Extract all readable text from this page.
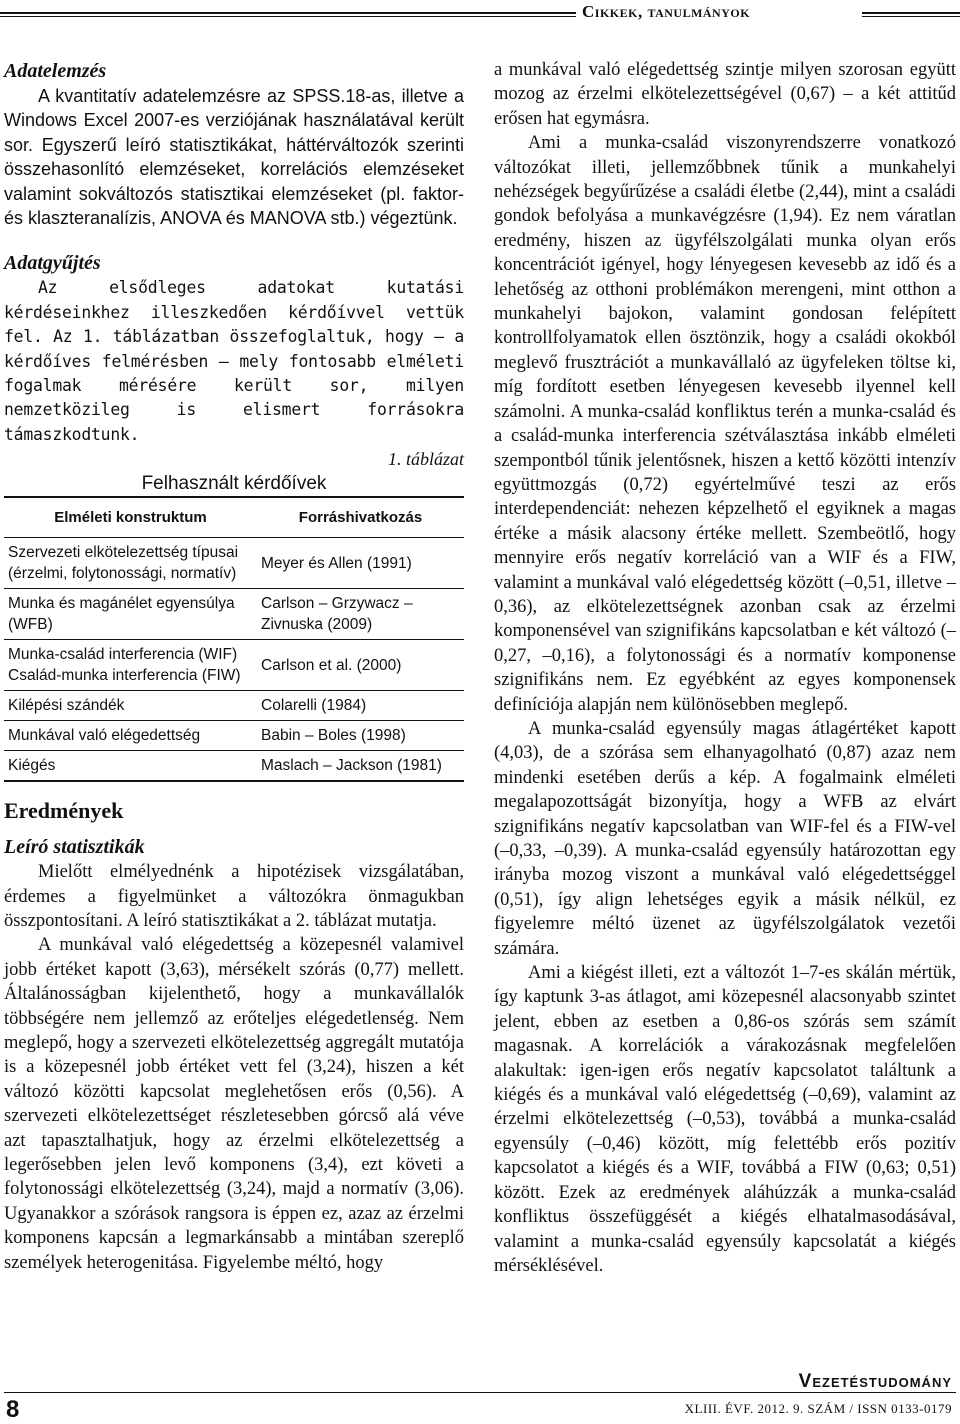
Cikkek, tanulmányok

Adatelemzés

A kvantitatív adatelemzésre az SPSS.18-as, illetve a Windows Excel 2007-es verziójának használatával került sor. Egyszerű leíró statisztikákat, háttérváltozók szerinti összehasonlító elemzéseket, korrelációs elemzéseket valamint sokváltozós statisztikai elemzéseket (pl. faktor- és klaszteranalízis, ANOVA és MANOVA stb.) végeztünk.

Adatgyűjtés

Az elsődleges adatokat kutatási kérdéseinkhez illeszkedően kérdőívvel vettük fel. Az 1. táblázatban összefoglaltuk, hogy – a kérdőíves felmérésben – mely fontosabb elméleti fogalmak mérésére került sor, milyen nemzetközileg is elismert forrásokra támaszkodtunk.

1. táblázat

Felhasznált kérdőívek

Elméleti konstruktum	Forráshivatkozás
Szervezeti elkötelezettség típusai (érzelmi, folytonossági, normatív)	Meyer és Allen (1991)
Munka és magánélet egyensúlya (WFB)	Carlson – Grzywacz – Zivnuska (2009)
Munka-család interferencia (WIF) Család-munka interferencia (FIW)	Carlson et al. (2000)
Kilépési szándék	Colarelli (1984)
Munkával való elégedettség	Babin – Boles (1998)
Kiégés	Maslach – Jackson (1981)

Eredmények

Leíró statisztikák

Mielőtt elmélyednénk a hipotézisek vizsgálatában, érdemes a figyelmünket a változókra önmagukban összpontosítani. A leíró statisztikákat a 2. táblázat mutatja.

A munkával való elégedettség a közepesnél valamivel jobb értéket kapott (3,63), mérsékelt szórás (0,77) mellett. Általánosságban kijelenthető, hogy a munkavállalók többségére nem jellemző az erőteljes elégedetlenség. Nem meglepő, hogy a szervezeti elkötelezettség aggregált mutatója is a közepesnél jobb értéket vett fel (3,24), hiszen a két változó közötti kapcsolat meglehetősen erős (0,56). A szervezeti elkötelezettséget részletesebben górcső alá véve azt tapasztalhatjuk, hogy az érzelmi elkötelezettség a legerősebben jelen levő komponens (3,4), ezt követi a folytonossági elkötelezettség (3,24), majd a normatív (3,06). Ugyanakkor a szórások rangsora is éppen ez, azaz az érzelmi komponens kapcsán a legmarkánsabb a mintában szereplő személyek heterogenitása. Figyelembe méltó, hogy

a munkával való elégedettség szintje milyen szorosan együtt mozog az érzelmi elkötelezettségével (0,67) – a két attitűd erősen hat egymásra.

Ami a munka-család viszonyrendszerre vonatkozó változókat illeti, jellemzőbbnek tűnik a munkahelyi nehézségek begyűrűzése a családi életbe (2,44), mint a családi gondok befolyása a munkavégzésre (1,94). Ez nem váratlan eredmény, hiszen az ügyfélszolgálati munka olyan erős koncentrációt igényel, hogy lényegesen kevesebb az idő és a lehetőség az otthoni problémákon merengeni, mint otthon a munkahelyi bajokon, valamint gondosan felépített kontrollfolyamatok ellen ösztönzik, hogy a családi okokból meglevő frusztrációt a munkavállaló az ügyfeleken töltse ki, míg fordított esetben lényegesen kevesebb ilyennel kell számolni. A munka-család konfliktus terén a munka-család és a család-munka interferencia szétválasztása inkább elméleti szempontból tűnik jelentősnek, hiszen a kettő közötti intenzív együttmozgás (0,72) egyértelművé teszi az erős interdependenciát: nehezen képzelhető el egyiknek a magas értéke a másik alacsony értéke mellett. Szembeötlő, hogy mennyire erős negatív korreláció van a WIF és a FIW, valamint a munkával való elégedettség között (–0,51, illetve –0,36), az elkötelezettségnek azonban csak az érzelmi komponensével van szignifikáns kapcsolatban e két változó (–0,27, –0,16), a folytonossági és a normatív komponense szignifikáns nem. Ez egyébként az egyes komponensek definíciója alapján nem különösebben meglepő.

A munka-család egyensúly magas átlagértéket kapott (4,03), de a szórása sem elhanyagolható (0,87) azaz nem mindenki esetében derűs a kép. A fogalmaink elméleti megalapozottságát bizonyítja, hogy a WFB az elvárt szignifikáns negatív kapcsolatban van WIF-fel és a FIW-vel (–0,33, –0,39). A munka-család egyensúly határozottan egy irányba mozog viszont a munkával való elégedettséggel (0,51), így align lehetséges egyik a másik nélkül, ez figyelemre méltó üzenet az ügyfélszolgálatok vezetői számára.

Ami a kiégést illeti, ezt a változót 1–7-es skálán mértük, így kaptunk 3-as átlagot, ami közepesnél alacsonyabb szintet jelent, ebben az esetben a 0,86-os szórás sem számít magasnak. A korrelációk a várakozásnak megfelelően alakultak: igen-igen erős negatív kapcsolatot találtunk a kiégés és a munkával való elégedettség (–0,69), valamint az érzelmi elkötelezettség (–0,53), továbbá a munka-család egyensúly (–0,46) között, míg felettébb erős pozitív kapcsolatot a kiégés és a WIF, továbbá a FIW (0,63; 0,51) között. Ezek az eredmények aláhúzzák a munka-család konfliktus összefüggését a kiégés elhatalmasodásával, valamint a munka-család egyensúly kapcsolatát a kiégés mérséklésével.

Vezetéstudomány
8	XLIII. ÉVF. 2012. 9. SZÁM / ISSN 0133-0179
